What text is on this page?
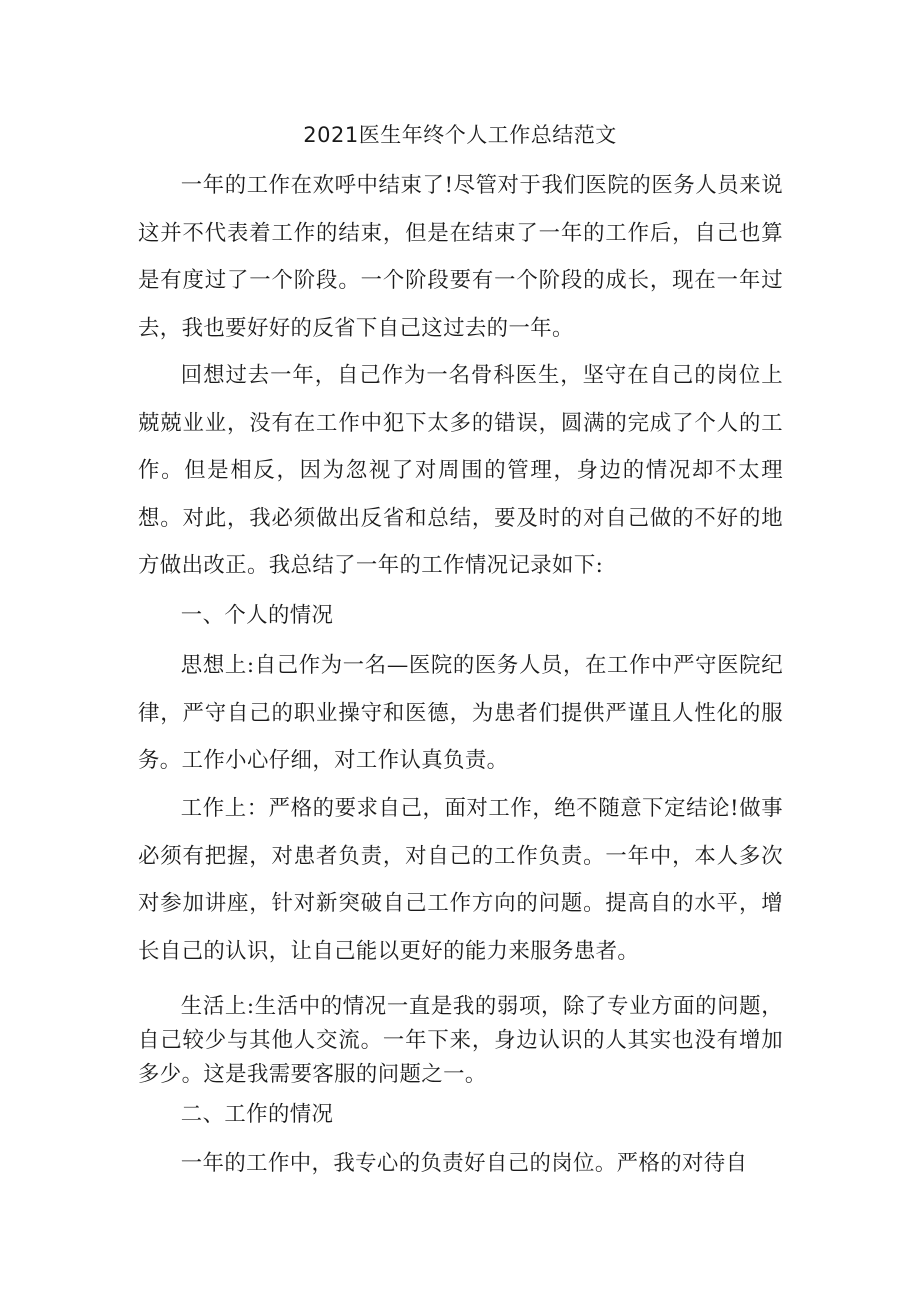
2021医生年终个人工作总结范文

一年的工作在欢呼中结束了!尽管对于我们医院的医务人员来说这并不代表着工作的结束，但是在结束了一年的工作后，自己也算是有度过了一个阶段。一个阶段要有一个阶段的成长，现在一年过去，我也要好好的反省下自己这过去的一年。

回想过去一年，自己作为一名骨科医生，坚守在自己的岗位上兢兢业业，没有在工作中犯下太多的错误，圆满的完成了个人的工作。但是相反，因为忽视了对周围的管理，身边的情况却不太理想。对此，我必须做出反省和总结，要及时的对自己做的不好的地方做出改正。我总结了一年的工作情况记录如下:

一、个人的情况

思想上:自己作为一名—医院的医务人员，在工作中严守医院纪律，严守自己的职业操守和医德，为患者们提供严谨且人性化的服务。工作小心仔细，对工作认真负责。

工作上：严格的要求自己，面对工作，绝不随意下定结论!做事必须有把握，对患者负责，对自己的工作负责。一年中，本人多次对参加讲座，针对新突破自己工作方向的问题。提高自的水平，增长自己的认识，让自己能以更好的能力来服务患者。

生活上:生活中的情况一直是我的弱项，除了专业方面的问题，自己较少与其他人交流。一年下来，身边认识的人其实也没有增加多少。这是我需要客服的问题之一。

二、工作的情况

一年的工作中，我专心的负责好自己的岗位。严格的对待自
